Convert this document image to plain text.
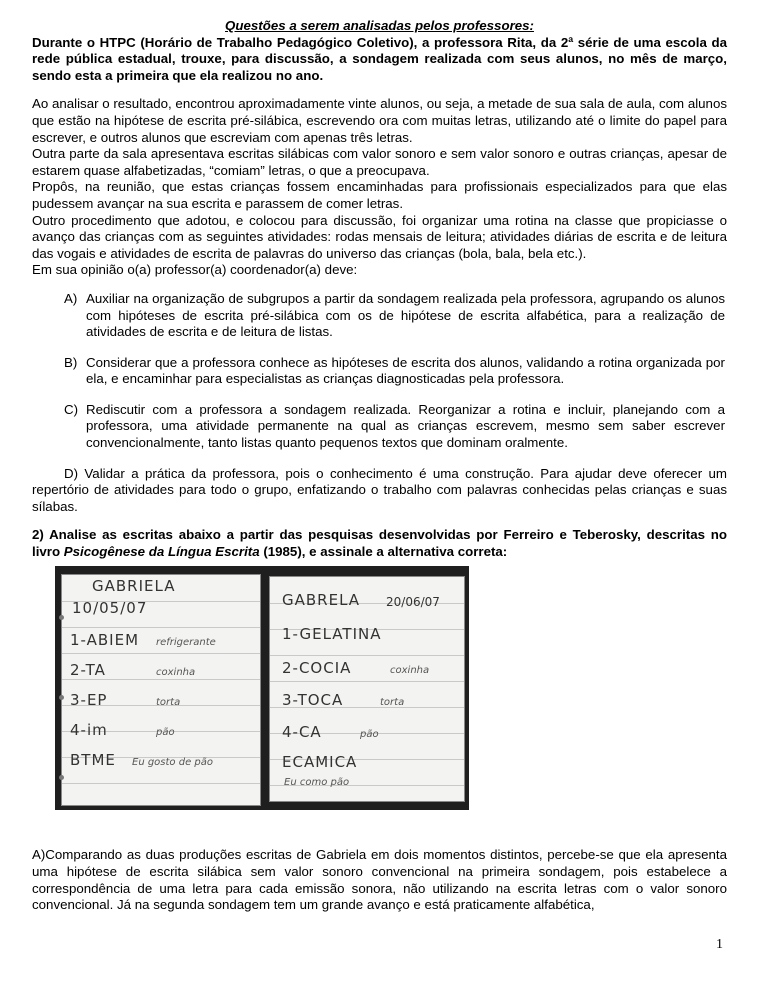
Questões a serem analisadas pelos professores:

Durante o HTPC (Horário de Trabalho Pedagógico Coletivo), a professora Rita, da 2ª série de uma escola da rede pública estadual, trouxe, para discussão, a sondagem realizada com seus alunos, no mês de março, sendo esta a primeira que ela realizou no ano.

Ao analisar o resultado, encontrou aproximadamente vinte alunos, ou seja, a metade de sua sala de aula, com alunos que estão na hipótese de escrita pré-silábica, escrevendo ora com muitas letras, utilizando até o limite do papel para escrever, e outros alunos que escreviam com apenas três letras.

Outra parte da sala apresentava escritas silábicas com valor sonoro e sem valor sonoro e outras crianças, apesar de estarem quase alfabetizadas, “comiam” letras, o que a preocupava.

Propôs, na reunião, que estas crianças fossem encaminhadas para profissionais especializados para que elas pudessem avançar na sua escrita e parassem de comer letras.

Outro procedimento que adotou, e colocou para discussão, foi organizar uma rotina na classe que propiciasse o avanço das crianças com as seguintes atividades: rodas mensais de leitura; atividades diárias de escrita e de leitura das vogais e atividades de escrita de palavras do universo das crianças (bola, bala, bela etc.).

Em sua opinião o(a) professor(a) coordenador(a) deve:

A) Auxiliar na organização de subgrupos a partir da sondagem realizada pela professora, agrupando os alunos com hipóteses de escrita pré-silábica com os de hipótese de escrita alfabética, para a realização de atividades de escrita e de leitura de listas.
B) Considerar que a professora conhece as hipóteses de escrita dos alunos, validando a rotina organizada por ela, e encaminhar para especialistas as crianças diagnosticadas pela professora.
C) Rediscutir com a professora a sondagem realizada. Reorganizar a rotina e incluir, planejando com a professora, uma atividade permanente na qual as crianças escrevem, mesmo sem saber escrever convencionalmente, tanto listas quanto pequenos textos que dominam oralmente.

D) Validar a prática da professora, pois o conhecimento é uma construção. Para ajudar deve oferecer um repertório de atividades para todo o grupo, enfatizando o trabalho com palavras conhecidas pelas crianças e suas sílabas.

2) Analise as escritas abaixo a partir das pesquisas desenvolvidas por Ferreiro e Teberosky, descritas no livro Psicogênese da Língua Escrita (1985), e assinale a alternativa correta:

GABRIELA
10/05/07
1-ABIEM refrigerante
2-TA	coxinha
3-EP	torta
4-im	pão
BTME Eu gosto de pão
GABRELA 20/06/07
1-GELATINA
2-COCIA	coxinha
3-TOCA	torta
4-CA	pão
ECAMICA
Eu como pão

A)Comparando as duas produções escritas de Gabriela em dois momentos distintos, percebe-se que ela apresenta uma hipótese de escrita silábica sem valor sonoro convencional na primeira sondagem, pois estabelece a correspondência de uma letra para cada emissão sonora, não utilizando na escrita letras com o valor sonoro convencional. Já na segunda sondagem tem um grande avanço e está praticamente alfabética,

1
